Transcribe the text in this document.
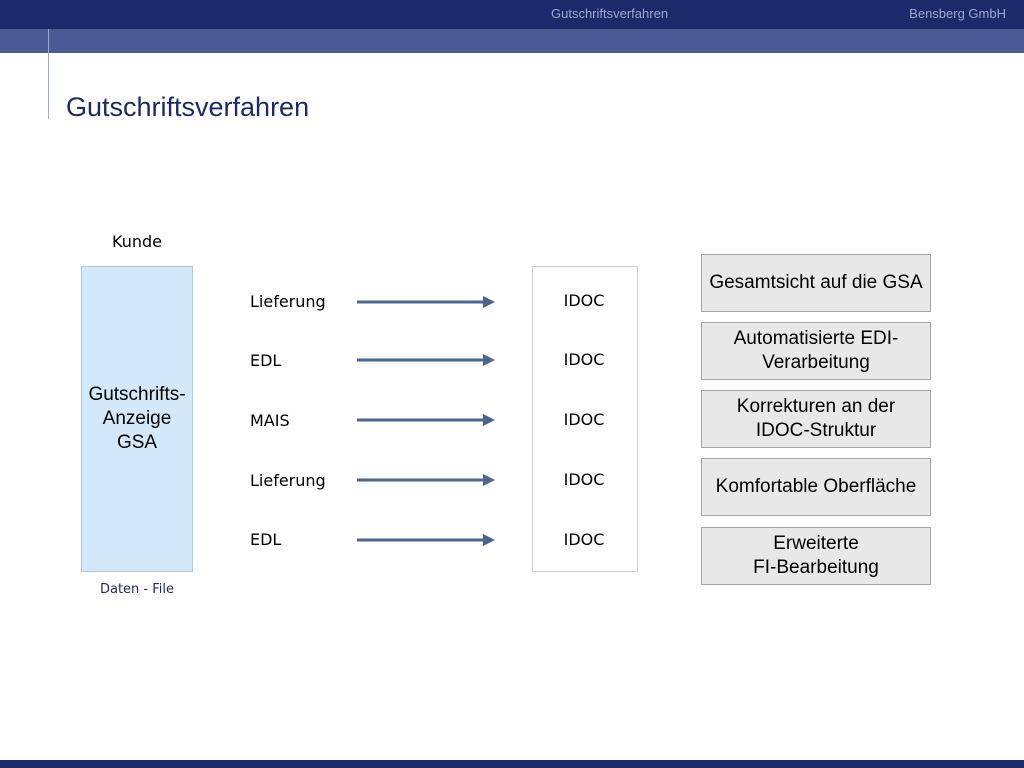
Gutschriftsverfahren	Bensberg GmbH
Gutschriftsverfahren
Kunde
Gutschrifts-
Anzeige
GSA
Daten - File
Lieferung
EDL
MAIS
Lieferung
EDL
IDOC
IDOC
IDOC
IDOC
IDOC
Gesamtsicht auf die GSA
Automatisierte EDI-
Verarbeitung
Korrekturen an der
IDOC-Struktur
Komfortable Oberfläche
Erweiterte
FI-Bearbeitung
